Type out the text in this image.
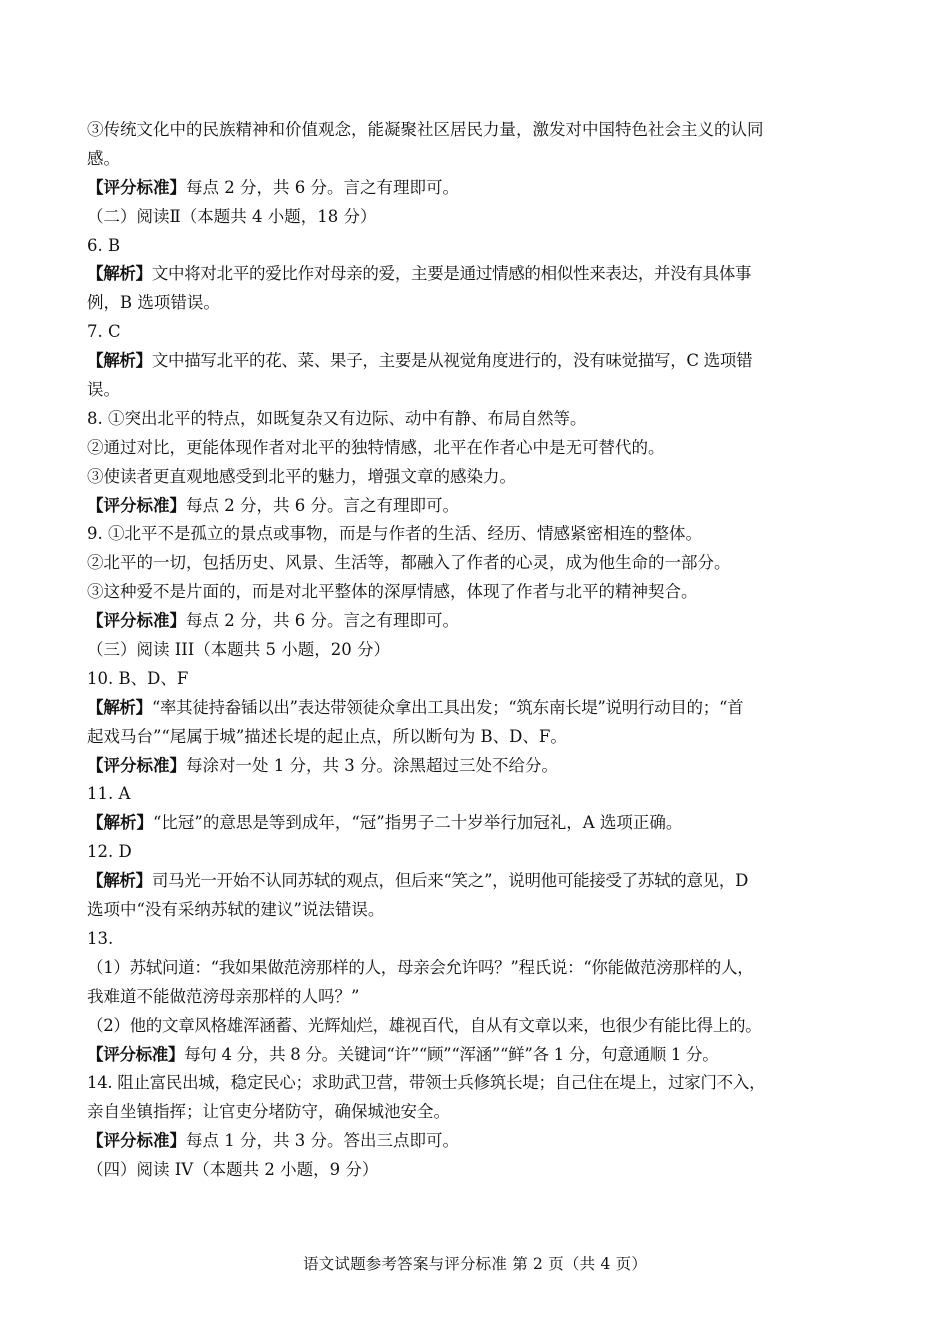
③传统文化中的民族精神和价值观念，能凝聚社区居民力量，激发对中国特色社会主义的认同
感。
【评分标准】每点 2 分，共 6 分。言之有理即可。
（二）阅读Ⅱ（本题共 4 小题，18 分）
6. B
【解析】文中将对北平的爱比作对母亲的爱，主要是通过情感的相似性来表达，并没有具体事
例，B 选项错误。
7. C
【解析】文中描写北平的花、菜、果子，主要是从视觉角度进行的，没有味觉描写，C 选项错
误。
8. ①突出北平的特点，如既复杂又有边际、动中有静、布局自然等。
②通过对比，更能体现作者对北平的独特情感，北平在作者心中是无可替代的。
③使读者更直观地感受到北平的魅力，增强文章的感染力。
【评分标准】每点 2 分，共 6 分。言之有理即可。
9. ①北平不是孤立的景点或事物，而是与作者的生活、经历、情感紧密相连的整体。
②北平的一切，包括历史、风景、生活等，都融入了作者的心灵，成为他生命的一部分。
③这种爱不是片面的，而是对北平整体的深厚情感，体现了作者与北平的精神契合。
【评分标准】每点 2 分，共 6 分。言之有理即可。
（三）阅读 III（本题共 5 小题，20 分）
10. B、D、F
【解析】“率其徒持畚锸以出”表达带领徒众拿出工具出发；“筑东南长堤”说明行动目的；“首
起戏马台”“尾属于城”描述长堤的起止点，所以断句为 B、D、F。
【评分标准】每涂对一处 1 分，共 3 分。涂黑超过三处不给分。
11. A
【解析】“比冠”的意思是等到成年，“冠”指男子二十岁举行加冠礼，A 选项正确。
12. D
【解析】司马光一开始不认同苏轼的观点，但后来“笑之”，说明他可能接受了苏轼的意见，D
选项中“没有采纳苏轼的建议”说法错误。
13.
（1）苏轼问道：“我如果做范滂那样的人，母亲会允许吗？”程氏说：“你能做范滂那样的人，
我难道不能做范滂母亲那样的人吗？”
（2）他的文章风格雄浑涵蓄、光辉灿烂，雄视百代，自从有文章以来，也很少有能比得上的。
【评分标准】每句 4 分，共 8 分。关键词“许”“顾”“浑涵”“鲜”各 1 分，句意通顺 1 分。
14. 阻止富民出城，稳定民心；求助武卫营，带领士兵修筑长堤；自己住在堤上，过家门不入，
亲自坐镇指挥；让官吏分堵防守，确保城池安全。
【评分标准】每点 1 分，共 3 分。答出三点即可。
（四）阅读 IV（本题共 2 小题，9 分）
语文试题参考答案与评分标准 第 2 页（共 4 页）
